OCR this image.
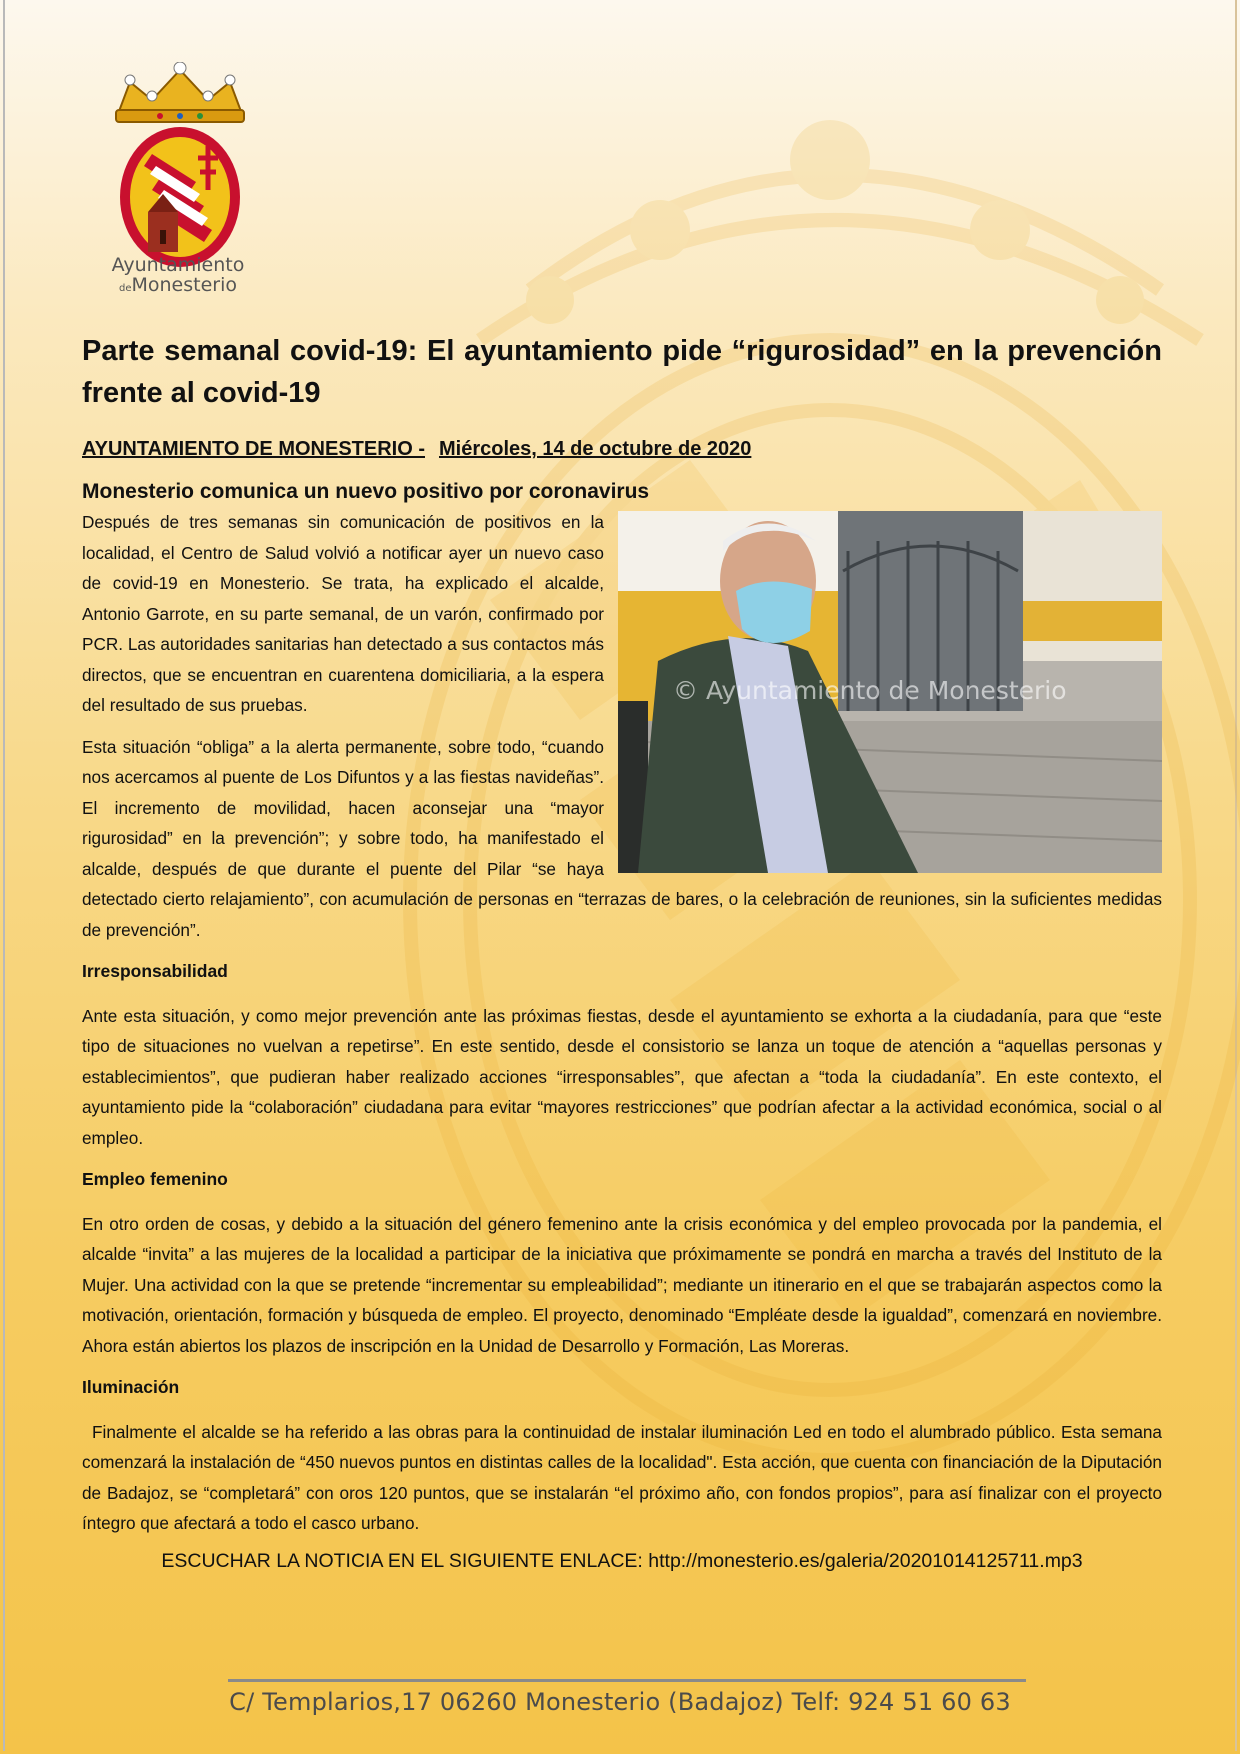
Ayuntamiento
deMonesterio
Parte semanal covid-19: El ayuntamiento pide “rigurosidad” en la prevención frente al covid-19
AYUNTAMIENTO DE MONESTERIO - Miércoles, 14 de octubre de 2020
Monesterio comunica un nuevo positivo por coronavirus
© Ayuntamiento de Monesterio

Después de tres semanas sin comunicación de positivos en la localidad, el Centro de Salud volvió a notificar ayer un nuevo caso de covid-19 en Monesterio. Se trata, ha explicado el alcalde, Antonio Garrote, en su parte semanal, de un varón, confirmado por PCR. Las autoridades sanitarias han detectado a sus contactos más directos, que se encuentran en cuarentena domiciliaria, a la espera del resultado de sus pruebas.

Esta situación “obliga” a la alerta permanente, sobre todo, “cuando nos acercamos al puente de Los Difuntos y a las fiestas navideñas”. El incremento de movilidad, hacen aconsejar una “mayor rigurosidad” en la prevención”; y sobre todo, ha manifestado el alcalde, después de que durante el puente del Pilar “se haya detectado cierto relajamiento”, con acumulación de personas en “terrazas de bares, o la celebración de reuniones, sin la suficientes medidas de prevención”.

Irresponsabilidad

Ante esta situación, y como mejor prevención ante las próximas fiestas, desde el ayuntamiento se exhorta a la ciudadanía, para que “este tipo de situaciones no vuelvan a repetirse”. En este sentido, desde el consistorio se lanza un toque de atención a “aquellas personas y establecimientos”, que pudieran haber realizado acciones “irresponsables”, que afectan a “toda la ciudadanía”. En este contexto, el ayuntamiento pide la “colaboración” ciudadana para evitar “mayores restricciones” que podrían afectar a la actividad económica, social o al empleo.

Empleo femenino

En otro orden de cosas, y debido a la situación del género femenino ante la crisis económica y del empleo provocada por la pandemia, el alcalde “invita” a las mujeres de la localidad a participar de la iniciativa que próximamente se pondrá en marcha a través del Instituto de la Mujer. Una actividad con la que se pretende “incrementar su empleabilidad”; mediante un itinerario en el que se trabajarán aspectos como la motivación, orientación, formación y búsqueda de empleo. El proyecto, denominado “Empléate desde la igualdad”, comenzará en noviembre. Ahora están abiertos los plazos de inscripción en la Unidad de Desarrollo y Formación, Las Moreras.

Iluminación

Finalmente el alcalde se ha referido a las obras para la continuidad de instalar iluminación Led en todo el alumbrado público. Esta semana comenzará la instalación de “450 nuevos puntos en distintas calles de la localidad". Esta acción, que cuenta con financiación de la Diputación de Badajoz, se “completará” con oros 120 puntos, que se instalarán “el próximo año, con fondos propios”, para así finalizar con el proyecto íntegro que afectará a todo el casco urbano.

ESCUCHAR LA NOTICIA EN EL SIGUIENTE ENLACE: http://monesterio.es/galeria/20201014125711.mp3
C/ Templarios,17 06260 Monesterio (Badajoz) Telf: 924 51 60 63
